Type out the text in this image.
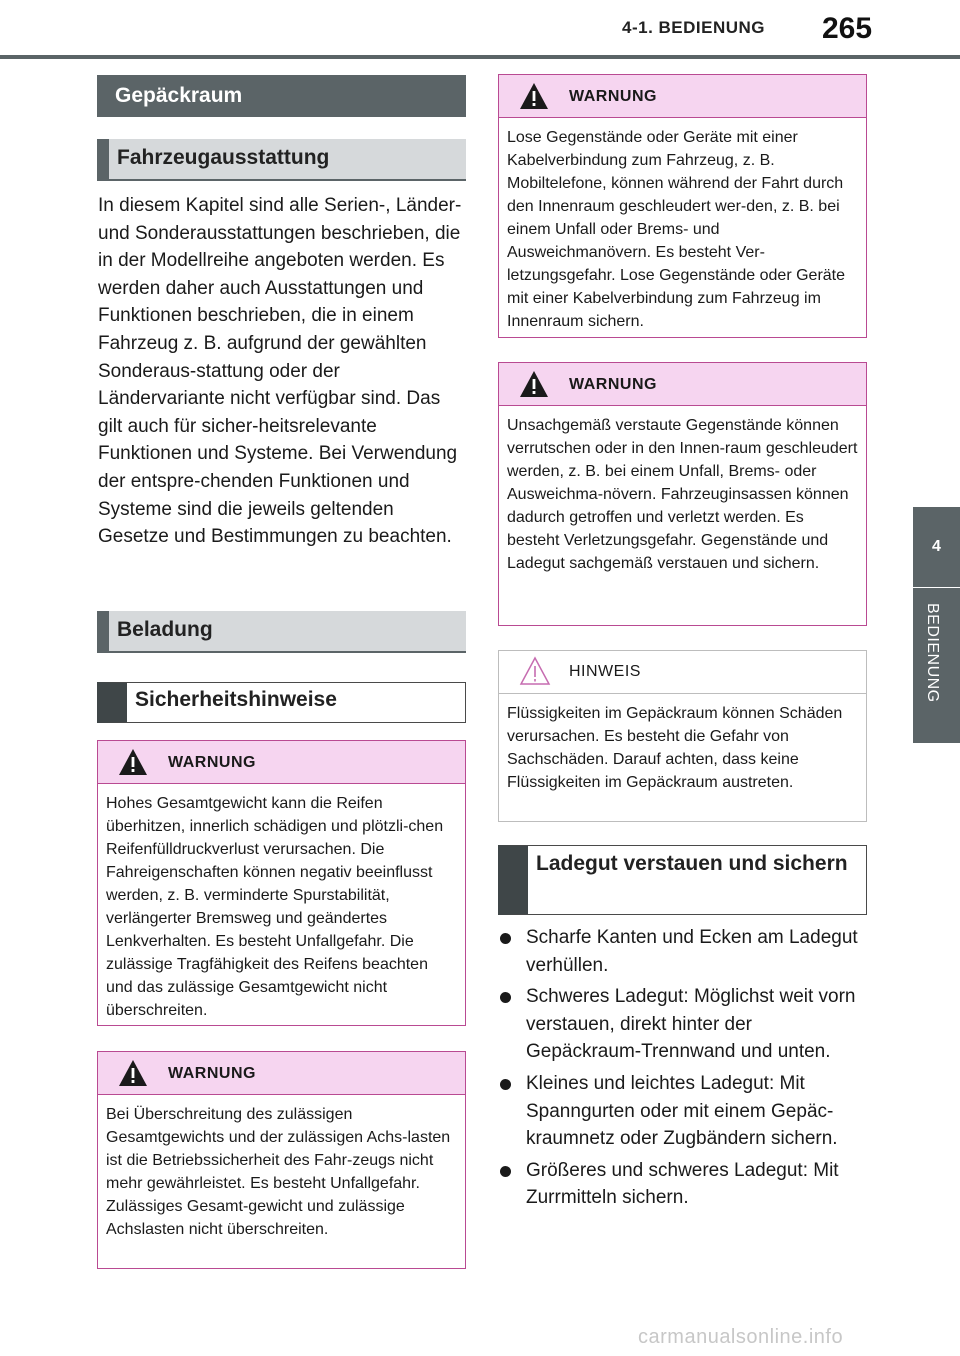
4-1. BEDIENUNG 265
4
BEDIENUNG
Gepäckraum
Fahrzeugausstattung
In diesem Kapitel sind alle Serien-, Länder- und Sonderausstattungen beschrieben, die in der Modellreihe angeboten werden. Es werden daher auch Ausstattungen und Funktionen beschrieben, die in einem Fahrzeug z. B. aufgrund der gewählten Sonderaus-stattung oder der Ländervariante nicht verfügbar sind. Das gilt auch für sicher-heitsrelevante Funktionen und Systeme. Bei Verwendung der entspre-chenden Funktionen und Systeme sind die jeweils geltenden Gesetze und Bestimmungen zu beachten.
Beladung
Sicherheitshinweise
WARNUNG
Hohes Gesamtgewicht kann die Reifen überhitzen, innerlich schädigen und plötzli-chen Reifenfülldruckverlust verursachen. Die Fahreigenschaften können negativ beeinflusst werden, z. B. verminderte Spurstabilität, verlängerter Bremsweg und geändertes Lenkverhalten. Es besteht Unfallgefahr. Die zulässige Tragfähigkeit des Reifens beachten und das zulässige Gesamtgewicht nicht überschreiten.
WARNUNG
Bei Überschreitung des zulässigen Gesamtgewichts und der zulässigen Achs-lasten ist die Betriebssicherheit des Fahr-zeugs nicht mehr gewährleistet. Es besteht Unfallgefahr. Zulässiges Gesamt-gewicht und zulässige Achslasten nicht überschreiten.
WARNUNG
Lose Gegenstände oder Geräte mit einer Kabelverbindung zum Fahrzeug, z. B. Mobiltelefone, können während der Fahrt durch den Innenraum geschleudert wer-den, z. B. bei einem Unfall oder Brems- und Ausweichmanövern. Es besteht Ver-letzungsgefahr. Lose Gegenstände oder Geräte mit einer Kabelverbindung zum Fahrzeug im Innenraum sichern.
WARNUNG
Unsachgemäß verstaute Gegenstände können verrutschen oder in den Innen-raum geschleudert werden, z. B. bei einem Unfall, Brems- oder Ausweichma-növern. Fahrzeuginsassen können dadurch getroffen und verletzt werden. Es besteht Verletzungsgefahr. Gegenstände und Ladegut sachgemäß verstauen und sichern.
HINWEIS
Flüssigkeiten im Gepäckraum können Schäden verursachen. Es besteht die Gefahr von Sachschäden. Darauf achten, dass keine Flüssigkeiten im Gepäckraum austreten.
Ladegut verstauen und sichern
Scharfe Kanten und Ecken am Ladegut verhüllen.
Schweres Ladegut: Möglichst weit vorn verstauen, direkt hinter der Gepäckraum-Trennwand und unten.
Kleines und leichtes Ladegut: Mit Spanngurten oder mit einem Gepäc-kraumnetz oder Zugbändern sichern.
Größeres und schweres Ladegut: Mit Zurrmitteln sichern.
carmanualsonline.info
